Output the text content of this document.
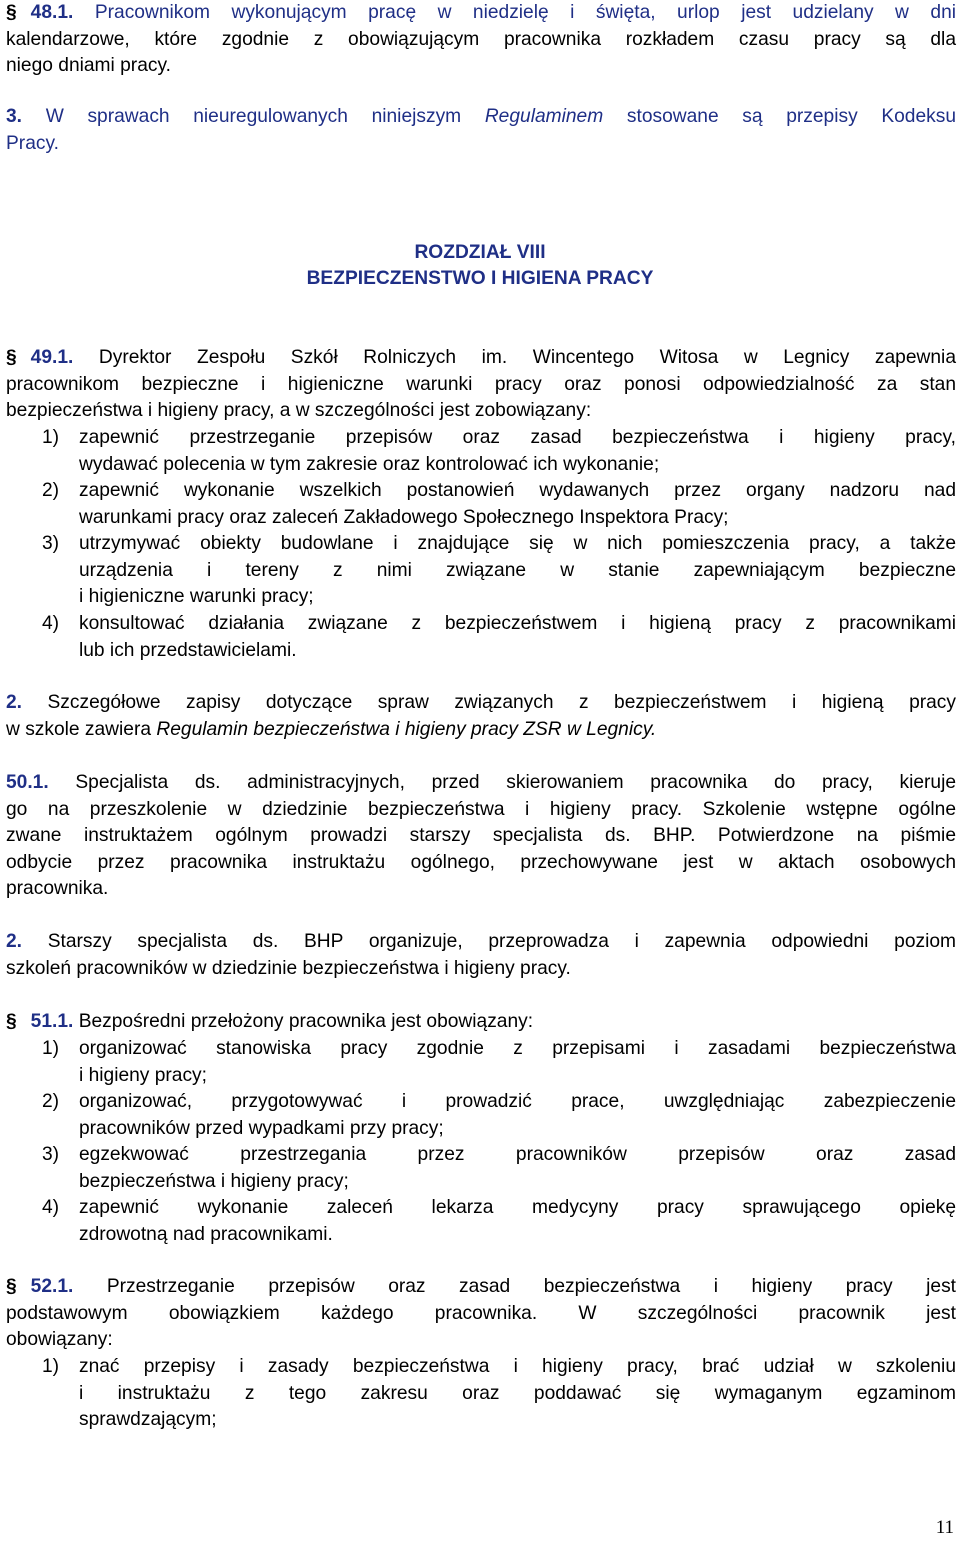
§ 48.1. Pracownikom wykonującym pracę w niedzielę i święta, urlop jest udzielany w dni
kalendarzowe, które zgodnie z obowiązującym pracownika rozkładem czasu pracy są dla
niego dniami pracy.
3. W sprawach nieuregulowanych niniejszym Regulaminem stosowane są przepisy Kodeksu
Pracy.
ROZDZIAŁ VIII
BEZPIECZENSTWO I HIGIENA PRACY
§ 49.1. Dyrektor Zespołu Szkół Rolniczych im. Wincentego Witosa w Legnicy zapewnia
pracownikom bezpieczne i higieniczne warunki pracy oraz ponosi odpowiedzialność za stan
bezpieczeństwa i higieny pracy, a w szczególności jest zobowiązany:
1) zapewnić przestrzeganie przepisów oraz zasad bezpieczeństwa i higieny pracy,
wydawać polecenia w tym zakresie oraz kontrolować ich wykonanie;
2) zapewnić wykonanie wszelkich postanowień wydawanych przez organy nadzoru nad
warunkami pracy oraz zaleceń Zakładowego Społecznego Inspektora Pracy;
3) utrzymywać obiekty budowlane i znajdujące się w nich pomieszczenia pracy, a także
urządzenia i tereny z nimi związane w stanie zapewniającym bezpieczne
i higieniczne warunki pracy;
4) konsultować działania związane z bezpieczeństwem i higieną pracy z pracownikami
lub ich przedstawicielami.
2. Szczegółowe zapisy dotyczące spraw związanych z bezpieczeństwem i higieną pracy
w szkole zawiera Regulamin bezpieczeństwa i higieny pracy ZSR w Legnicy.
50.1. Specjalista ds. administracyjnych, przed skierowaniem pracownika do pracy, kieruje
go na przeszkolenie w dziedzinie bezpieczeństwa i higieny pracy. Szkolenie wstępne ogólne
zwane instruktażem ogólnym prowadzi starszy specjalista ds. BHP. Potwierdzone na piśmie
odbycie przez pracownika instruktażu ogólnego, przechowywane jest w aktach osobowych
pracownika.
2. Starszy specjalista ds. BHP organizuje, przeprowadza i zapewnia odpowiedni poziom
szkoleń pracowników w dziedzinie bezpieczeństwa i higieny pracy.
§ 51.1. Bezpośredni przełożony pracownika jest obowiązany:
1) organizować stanowiska pracy zgodnie z przepisami i zasadami bezpieczeństwa
i higieny pracy;
2) organizować, przygotowywać i prowadzić prace, uwzględniając zabezpieczenie
pracowników przed wypadkami przy pracy;
3) egzekwować przestrzegania przez pracowników przepisów oraz zasad
bezpieczeństwa i higieny pracy;
4) zapewnić wykonanie zaleceń lekarza medycyny pracy sprawującego opiekę
zdrowotną nad pracownikami.
§ 52.1. Przestrzeganie przepisów oraz zasad bezpieczeństwa i higieny pracy jest
podstawowym obowiązkiem każdego pracownika. W szczególności pracownik jest
obowiązany:
1) znać przepisy i zasady bezpieczeństwa i higieny pracy, brać udział w szkoleniu
i instruktażu z tego zakresu oraz poddawać się wymaganym egzaminom
sprawdzającym;
11
